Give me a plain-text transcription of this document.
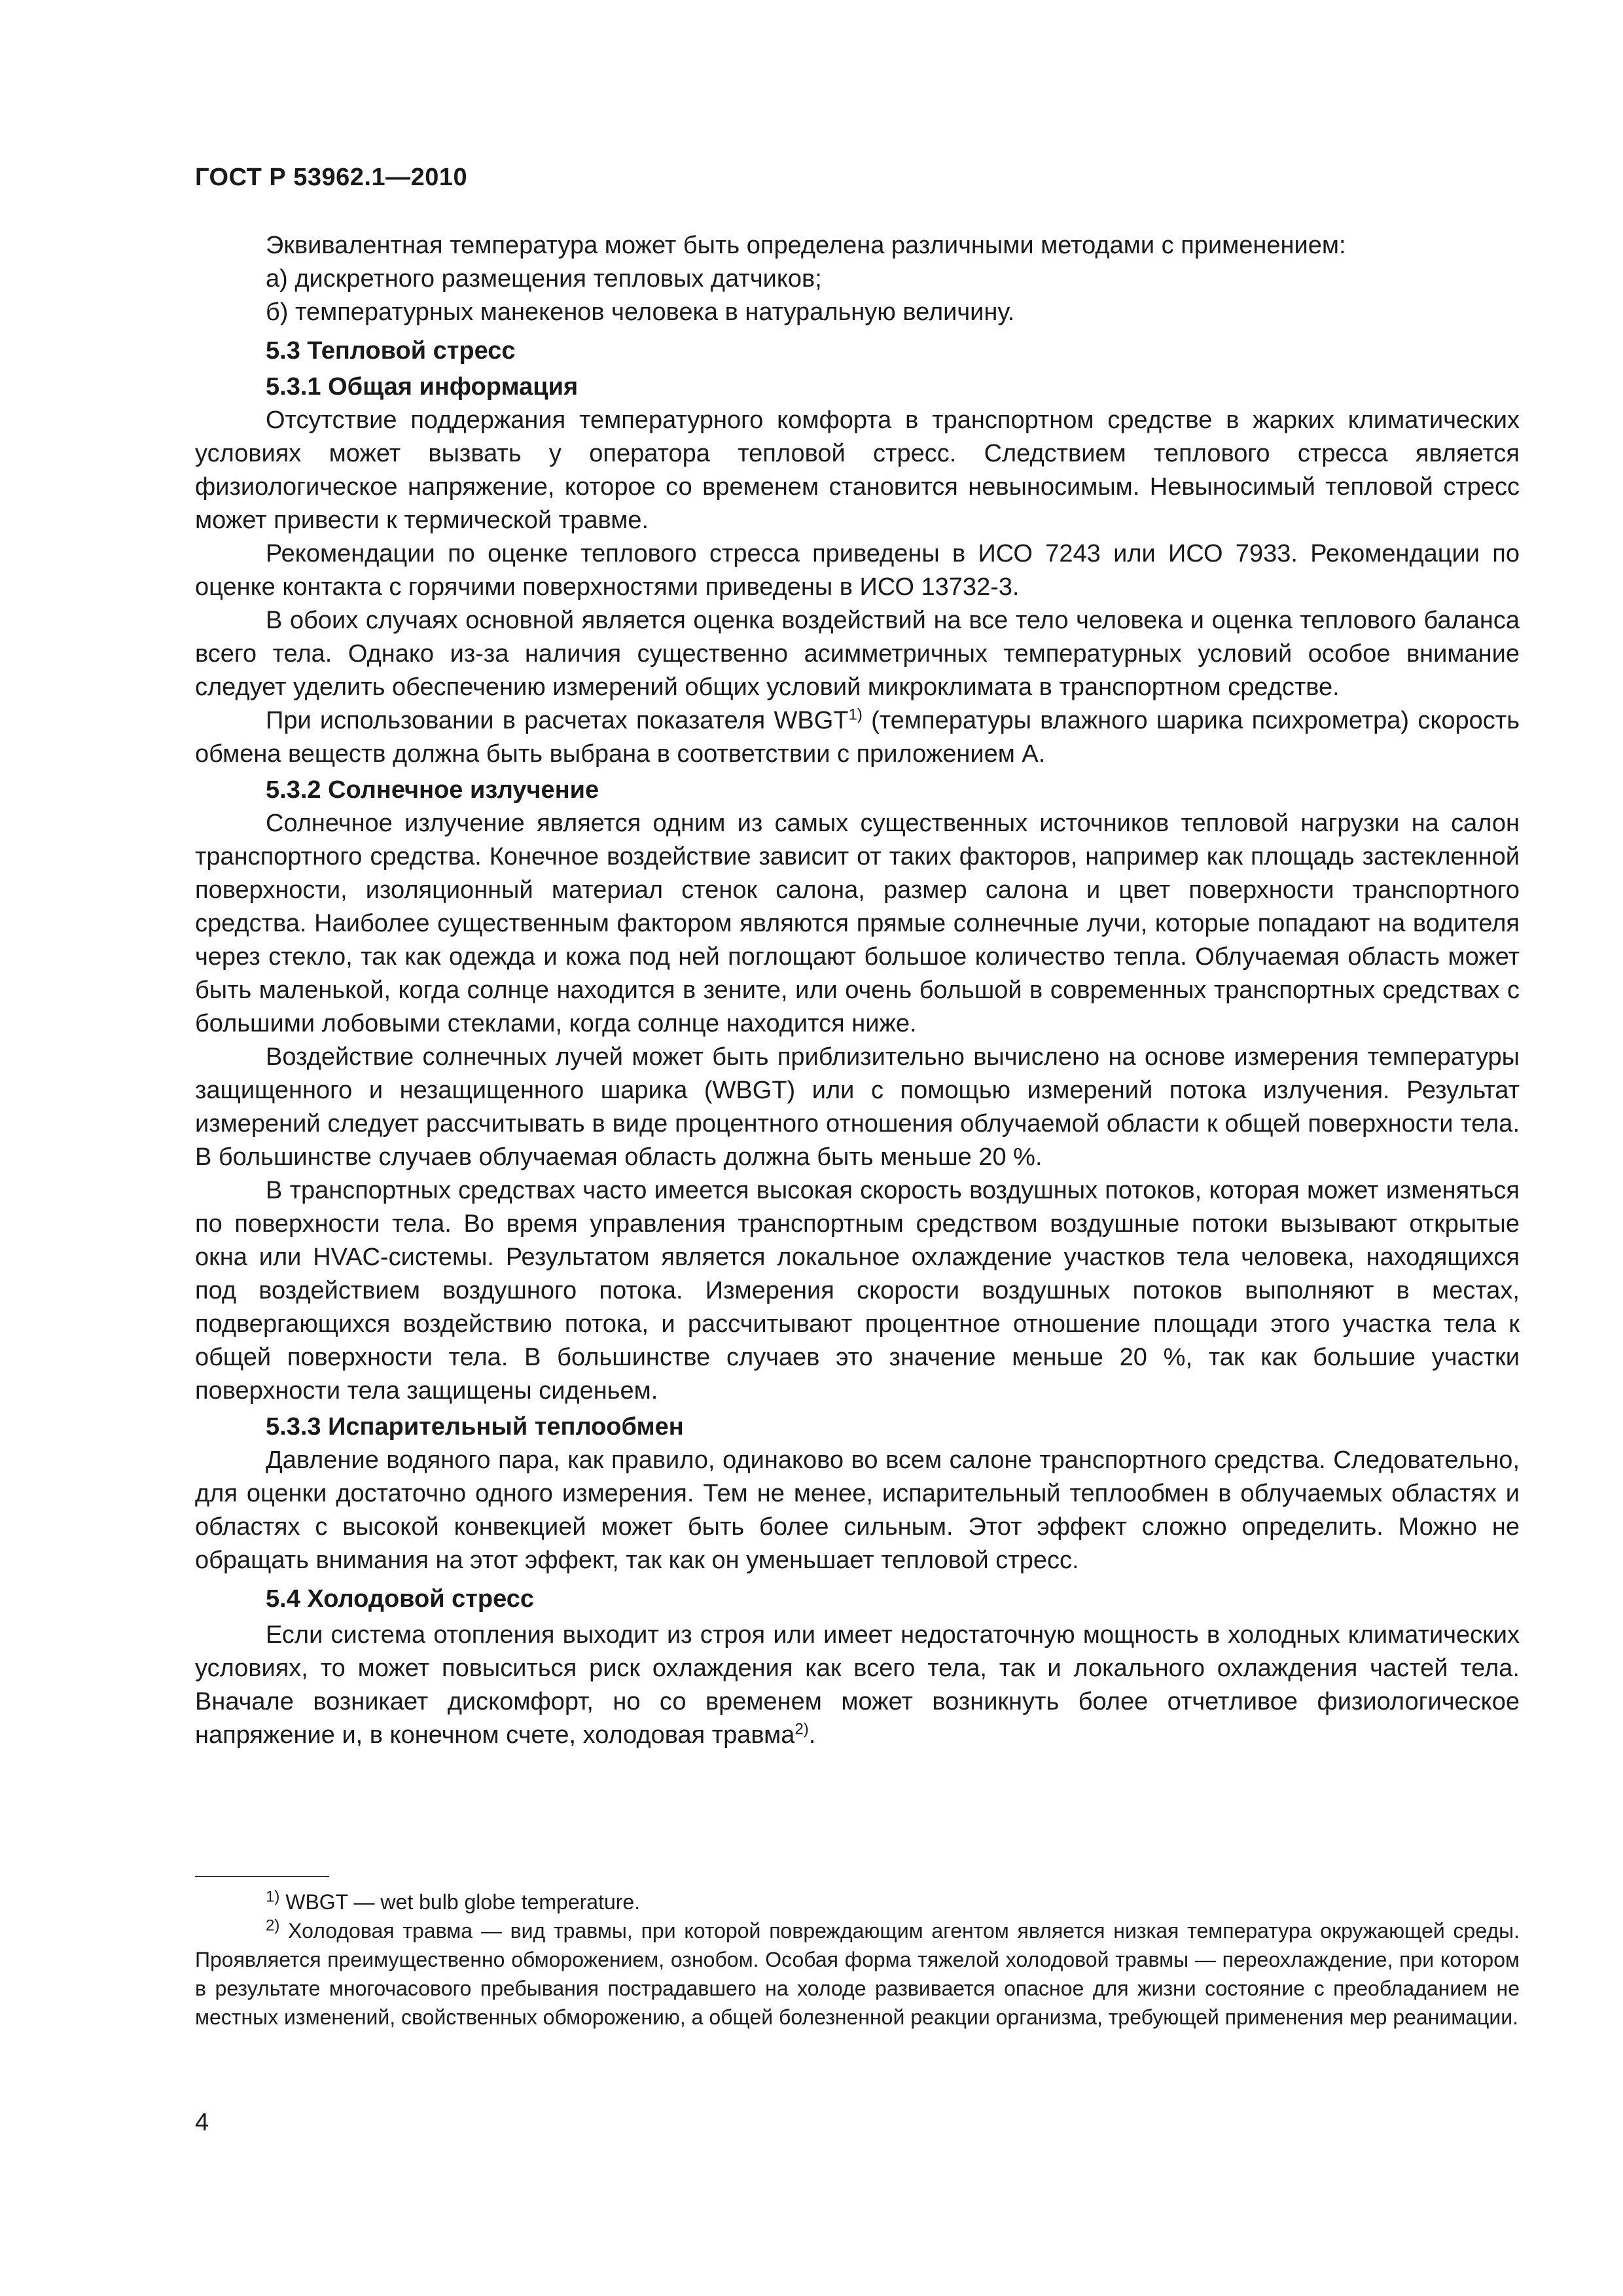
ГОСТ Р 53962.1—2010

Эквивалентная температура может быть определена различными методами с применением:

а) дискретного размещения тепловых датчиков;

б) температурных манекенов человека в натуральную величину.

5.3 Тепловой стресс
5.3.1 Общая информация

Отсутствие поддержания температурного комфорта в транспортном средстве в жарких климатических условиях может вызвать у оператора тепловой стресс. Следствием теплового стресса является физиологическое напряжение, которое со временем становится невыносимым. Невыносимый тепловой стресс может привести к термической травме.

Рекомендации по оценке теплового стресса приведены в ИСО 7243 или ИСО 7933. Рекомендации по оценке контакта с горячими поверхностями приведены в ИСО 13732-3.

В обоих случаях основной является оценка воздействий на все тело человека и оценка теплового баланса всего тела. Однако из-за наличия существенно асимметричных температурных условий особое внимание следует уделить обеспечению измерений общих условий микроклимата в транспортном средстве.

При использовании в расчетах показателя WBGT$^{1)}$ (температуры влажного шарика психрометра) скорость обмена веществ должна быть выбрана в соответствии с приложением А.

5.3.2 Солнечное излучение

Солнечное излучение является одним из самых существенных источников тепловой нагрузки на салон транспортного средства. Конечное воздействие зависит от таких факторов, например как площадь застекленной поверхности, изоляционный материал стенок салона, размер салона и цвет поверхности транспортного средства. Наиболее существенным фактором являются прямые солнечные лучи, которые попадают на водителя через стекло, так как одежда и кожа под ней поглощают большое количество тепла. Облучаемая область может быть маленькой, когда солнце находится в зените, или очень большой в современных транспортных средствах с большими лобовыми стеклами, когда солнце находится ниже.

Воздействие солнечных лучей может быть приблизительно вычислено на основе измерения температуры защищенного и незащищенного шарика (WBGT) или с помощью измерений потока излучения. Результат измерений следует рассчитывать в виде процентного отношения облучаемой области к общей поверхности тела. В большинстве случаев облучаемая область должна быть меньше 20 %.

В транспортных средствах часто имеется высокая скорость воздушных потоков, которая может изменяться по поверхности тела. Во время управления транспортным средством воздушные потоки вызывают открытые окна или HVAC-системы. Результатом является локальное охлаждение участков тела человека, находящихся под воздействием воздушного потока. Измерения скорости воздушных потоков выполняют в местах, подвергающихся воздействию потока, и рассчитывают процентное отношение площади этого участка тела к общей поверхности тела. В большинстве случаев это значение меньше 20 %, так как большие участки поверхности тела защищены сиденьем.

5.3.3 Испарительный теплообмен

Давление водяного пара, как правило, одинаково во всем салоне транспортного средства. Следовательно, для оценки достаточно одного измерения. Тем не менее, испарительный теплообмен в облучаемых областях и областях с высокой конвекцией может быть более сильным. Этот эффект сложно определить. Можно не обращать внимания на этот эффект, так как он уменьшает тепловой стресс.

5.4 Холодовой стресс

Если система отопления выходит из строя или имеет недостаточную мощность в холодных климатических условиях, то может повыситься риск охлаждения как всего тела, так и локального охлаждения частей тела. Вначале возникает дискомфорт, но со временем может возникнуть более отчетливое физиологическое напряжение и, в конечном счете, холодовая травма$^{2)}$.

$^{1)}$ WBGT — wet bulb globe temperature.

$^{2)}$ Холодовая травма — вид травмы, при которой повреждающим агентом является низкая температура окружающей среды. Проявляется преимущественно обморожением, ознобом. Особая форма тяжелой холодовой травмы — переохлаждение, при котором в результате многочасового пребывания пострадавшего на холоде развивается опасное для жизни состояние с преобладанием не местных изменений, свойственных обморожению, а общей болезненной реакции организма, требующей применения мер реанимации.

4
